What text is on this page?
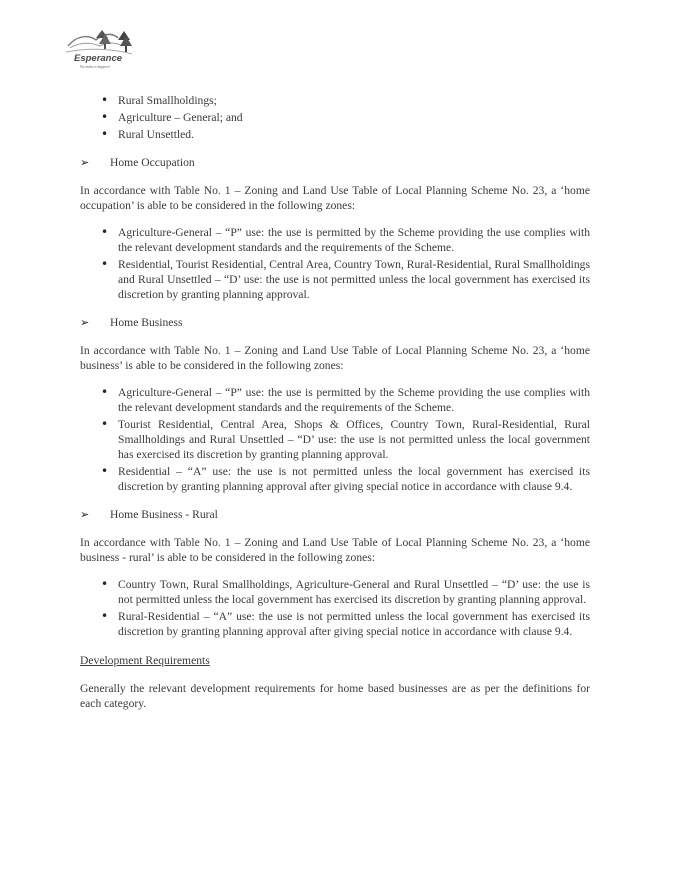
Esperance
We make it happen!
• Rural Smallholdings;
• Agriculture – General; and
• Rural Unsettled.
➢ Home Occupation

In accordance with Table No. 1 – Zoning and Land Use Table of Local Planning Scheme No. 23, a ‘home occupation’ is able to be considered in the following zones:

• Agriculture-General – “P” use: the use is permitted by the Scheme providing the use complies with the relevant development standards and the requirements of the Scheme.
• Residential, Tourist Residential, Central Area, Country Town, Rural-Residential, Rural Smallholdings and Rural Unsettled – “D’ use: the use is not permitted unless the local government has exercised its discretion by granting planning approval.
➢ Home Business

In accordance with Table No. 1 – Zoning and Land Use Table of Local Planning Scheme No. 23, a ‘home business’ is able to be considered in the following zones:

• Agriculture-General – “P” use: the use is permitted by the Scheme providing the use complies with the relevant development standards and the requirements of the Scheme.
• Tourist Residential, Central Area, Shops & Offices, Country Town, Rural-Residential, Rural Smallholdings and Rural Unsettled – “D’ use: the use is not permitted unless the local government has exercised its discretion by granting planning approval.
• Residential – “A” use: the use is not permitted unless the local government has exercised its discretion by granting planning approval after giving special notice in accordance with clause 9.4.
➢ Home Business - Rural

In accordance with Table No. 1 – Zoning and Land Use Table of Local Planning Scheme No. 23, a ‘home business - rural’ is able to be considered in the following zones:

• Country Town, Rural Smallholdings, Agriculture-General and Rural Unsettled – “D’ use: the use is not permitted unless the local government has exercised its discretion by granting planning approval.
• Rural-Residential – “A” use: the use is not permitted unless the local government has exercised its discretion by granting planning approval after giving special notice in accordance with clause 9.4.
Development Requirements

Generally the relevant development requirements for home based businesses are as per the definitions for each category.
